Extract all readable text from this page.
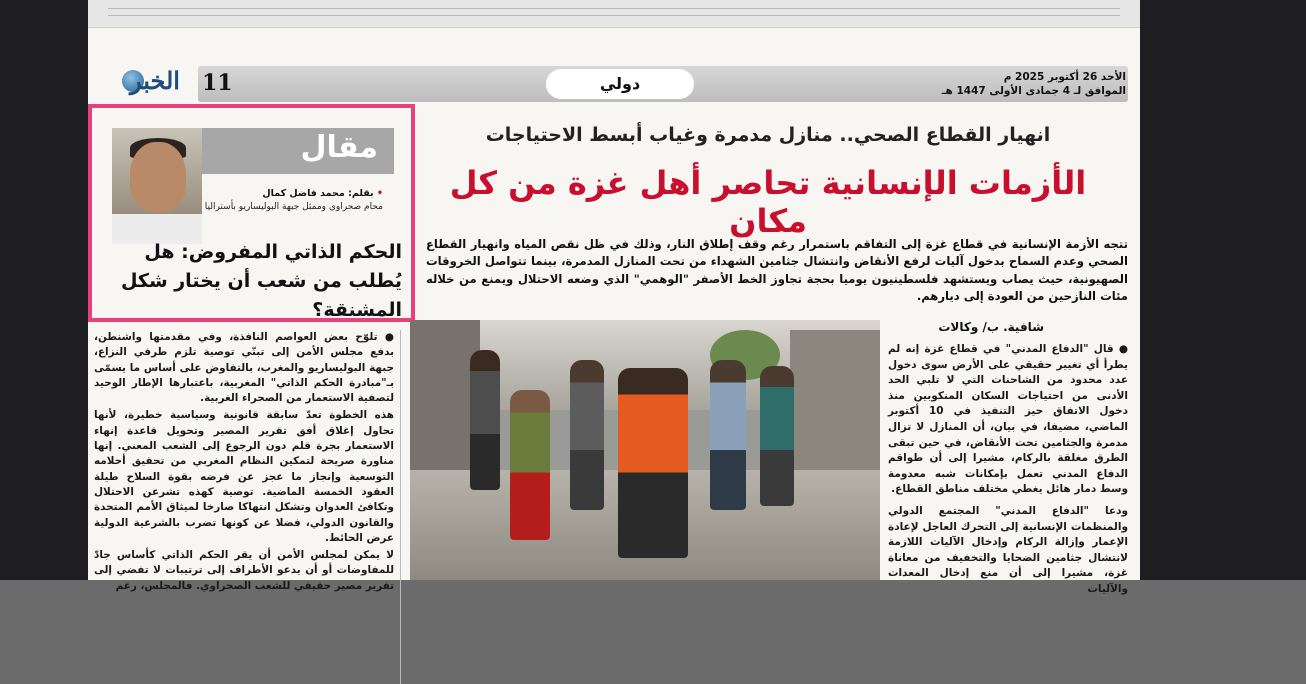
الخبر 11	دولي	الأحد 26 أكتوبر 2025 م
الموافق لـ 4 جمادى الأولى 1447 هـ
مقال
• بقلم: محمد فاضل كمال
محام صحراوي وممثل جبهة البوليساريو بأستراليا
الحكم الذاتي المفروض: هل يُطلب من شعب أن يختار شكل المشنقة؟

● تلوّح بعض العواصم النافذة، وفي مقدمتها واشنطن، بدفع مجلس الأمن إلى تبنّي توصية تلزم طرفي النزاع، جبهة البوليساريو والمغرب، بالتفاوض على أساس ما يسمّى بـ"مبادرة الحكم الذاتي" المغربية، باعتبارها الإطار الوحيد لتصفية الاستعمار من الصحراء الغربية.

هذه الخطوة تعدّ سابقة قانونية وسياسية خطيرة، لأنها تحاول إغلاق أفق تقرير المصير وتحويل قاعدة إنهاء الاستعمار بجرة قلم دون الرجوع إلى الشعب المعني. إنها مناورة صريحة لتمكين النظام المغربي من تحقيق أحلامه التوسعية وإنجاز ما عجز عن فرضه بقوة السلاح طيلة العقود الخمسة الماضية. توصية كهذه تشرعن الاحتلال وتكافئ العدوان وتشكل انتهاكا صارخا لميثاق الأمم المتحدة والقانون الدولي، فضلا عن كونها تضرب بالشرعية الدولية عرض الحائط.

لا يمكن لمجلس الأمن أن يقر الحكم الذاتي كأساس جادّ للمفاوضات أو أن يدعو الأطراف إلى ترتيبات لا تفضي إلى تقرير مصير حقيقي للشعب الصحراوي. فالمجلس، رغم

انهيار القطاع الصحي.. منازل مدمرة وغياب أبسط الاحتياجات
الأزمات الإنسانية تحاصر أهل غزة من كل مكان
تتجه الأزمة الإنسانية في قطاع غزة إلى التفاقم باستمرار رغم وقف إطلاق النار، وذلك في ظل نقص المياه وانهيار القطاع الصحي وعدم السماح بدخول آليات لرفع الأنقاض وانتشال جثامين الشهداء من تحت المنازل المدمرة، بينما تتواصل الخروقات الصهيونية، حيث يصاب ويستشهد فلسطينيون يوميا بحجة تجاوز الخط الأصفر "الوهمي" الذي وضعه الاحتلال ويمنع من خلاله مئات النازحين من العودة إلى ديارهم.
شافية. ب/ وكالات

● قال "الدفاع المدني" في قطاع غزة إنه لم يطرأ أي تغيير حقيقي على الأرض سوى دخول عدد محدود من الشاحنات التي لا تلبي الحد الأدنى من احتياجات السكان المنكوبين منذ دخول الاتفاق حيز التنفيذ في 10 أكتوبر الماضي، مضيفا، في بيان، أن المنازل لا تزال مدمرة والجثامين تحت الأنقاض، في حين تبقى الطرق مغلقة بالركام، مشيرا إلى أن طواقم الدفاع المدني تعمل بإمكانات شبه معدومة وسط دمار هائل يغطي مختلف مناطق القطاع.

ودعا "الدفاع المدني" المجتمع الدولي والمنظمات الإنسانية إلى التحرك العاجل لإعادة الإعمار وإزالة الركام وإدخال الآليات اللازمة لانتشال جثامين الضحايا والتخفيف من معاناة غزة، مشيرا إلى أن منع إدخال المعدات والآليات
